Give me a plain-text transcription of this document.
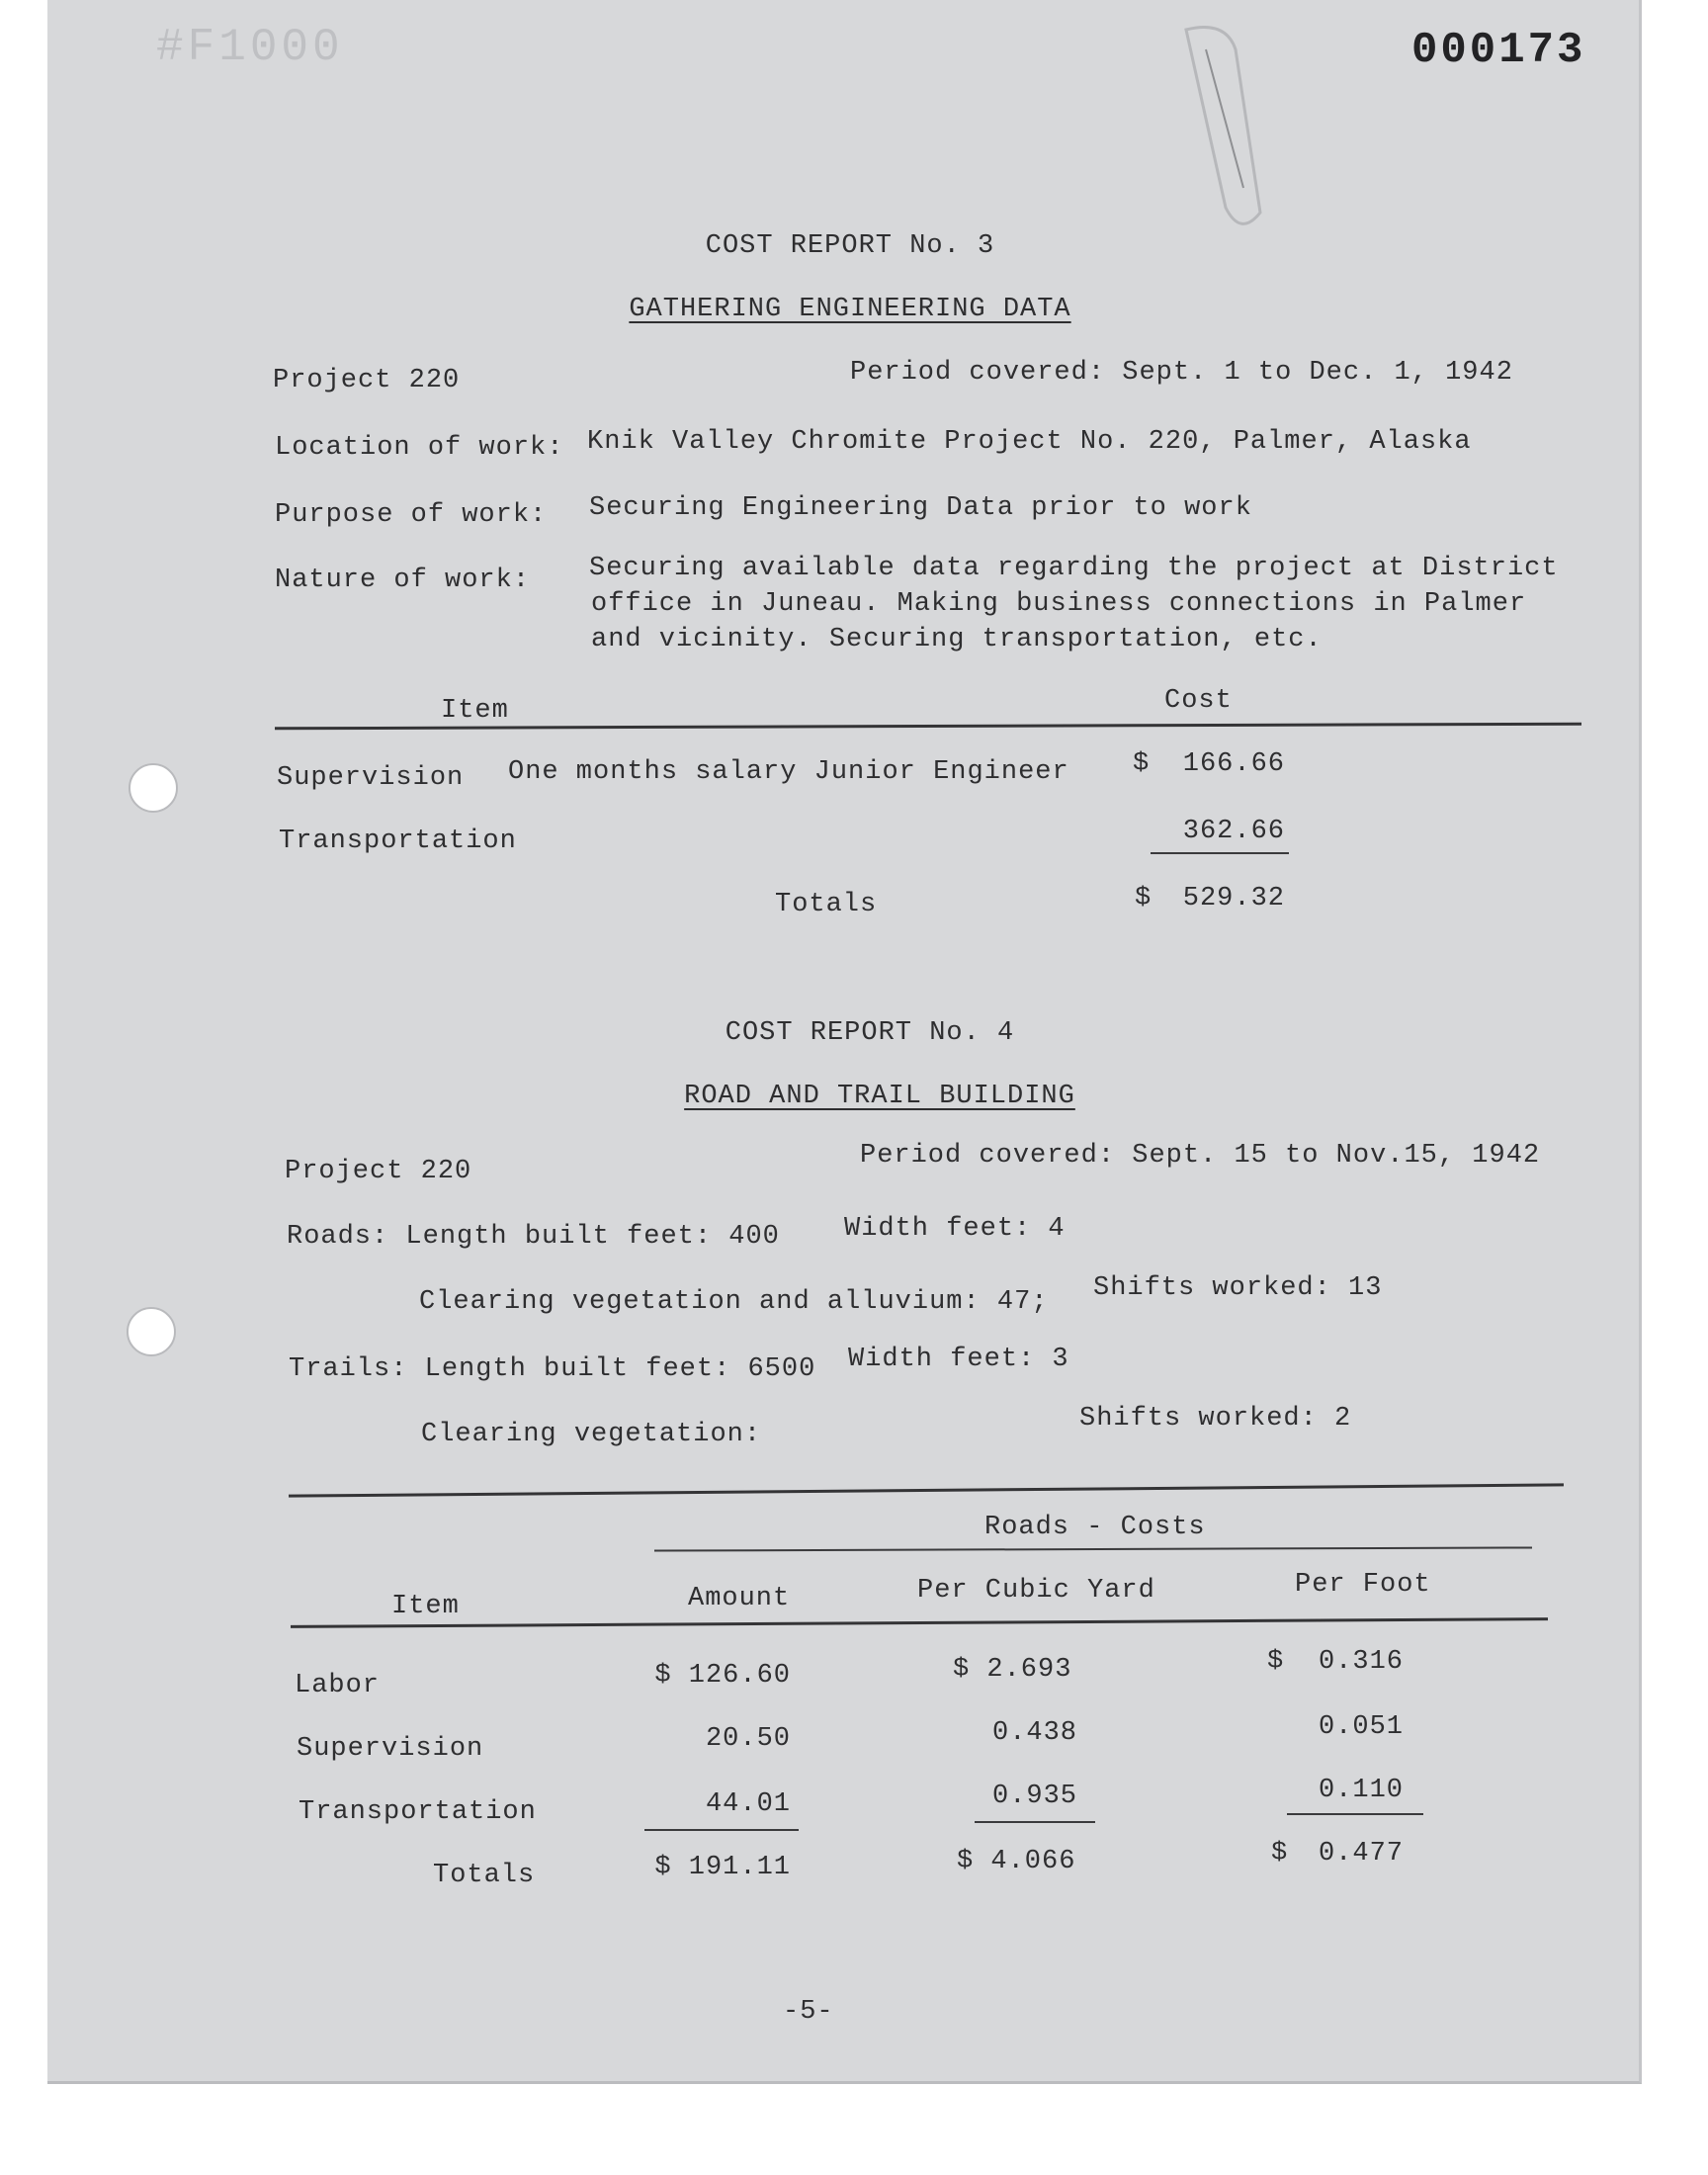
#F1000	000173
COST REPORT No. 3
GATHERING ENGINEERING DATA
Project 220	Period covered: Sept. 1 to Dec. 1, 1942
Location of work: Knik Valley Chromite Project No. 220, Palmer, Alaska
Purpose of work: Securing Engineering Data prior to work
Nature of work: Securing available data regarding the project at District
office in Juneau. Making business connections in Palmer
and vicinity. Securing transportation, etc.
Item	Cost
Supervision One months salary Junior Engineer $	166.66
Transportation	362.66
Totals	$	529.32
COST REPORT No. 4
ROAD AND TRAIL BUILDING
Project 220
Period covered: Sept. 15 to Nov.15, 1942
Roads: Length built feet: 400 Width feet: 4
Clearing vegetation and alluvium: 47; Shifts worked: 13
Trails: Length built feet: 6500 Width feet: 3
Clearing vegetation:
Shifts worked: 2
Roads - Costs
Item	Amount	Per Cubic Yard	Per Foot
Labor	$ 126.60	$ 2.693	$	0.316
Supervision	20.50	0.438	0.051
Transportation	44.01	0.935	0.110
Totals	$ 191.11	$ 4.066	$	0.477
-5-
